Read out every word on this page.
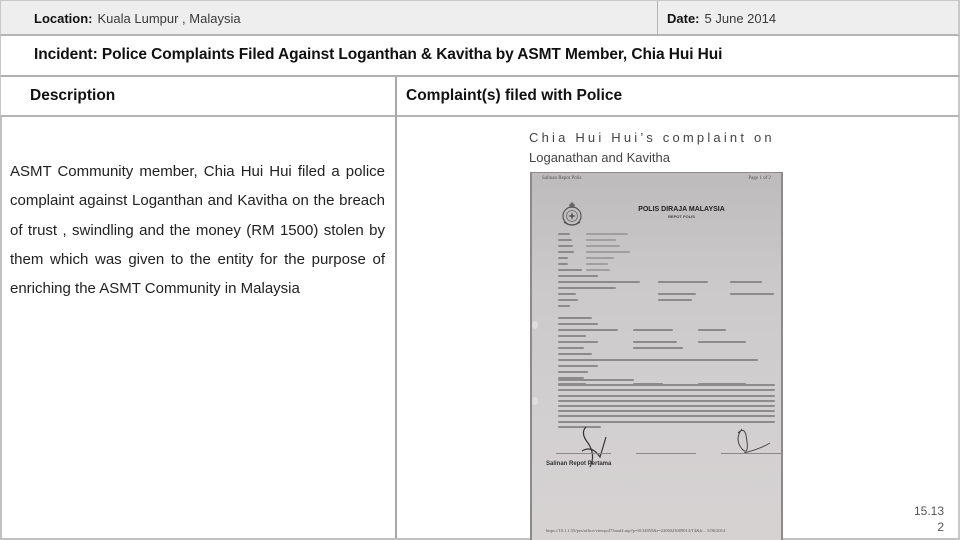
Location: Kuala Lumpur , Malaysia	Date: 5 June 2014
Incident: Police Complaints Filed Against Loganthan & Kavitha by ASMT Member, Chia Hui Hui
Description	Complaint(s) filed with Police
ASMT Community member, Chia Hui Hui filed a police complaint against Loganthan and Kavitha on the breach of trust , swindling and the money (RM 1500) stolen by them which was given to the entity for the purpose of enriching the ASMT Community in Malaysia
Chia Hui Hui’s complaint on
Loganathan and Kavitha
Salinan Repot Polis	Page 1 of 2
POLIS DIRAJA MALAYSIA
REPOT POLIS
Salinan Repot Pertama
https://10.1.1.55/pes/office/viewpol75mal2.asp?p=8134855&r=2206023009014/T4&fr... 5/06/2014
15.13
2
